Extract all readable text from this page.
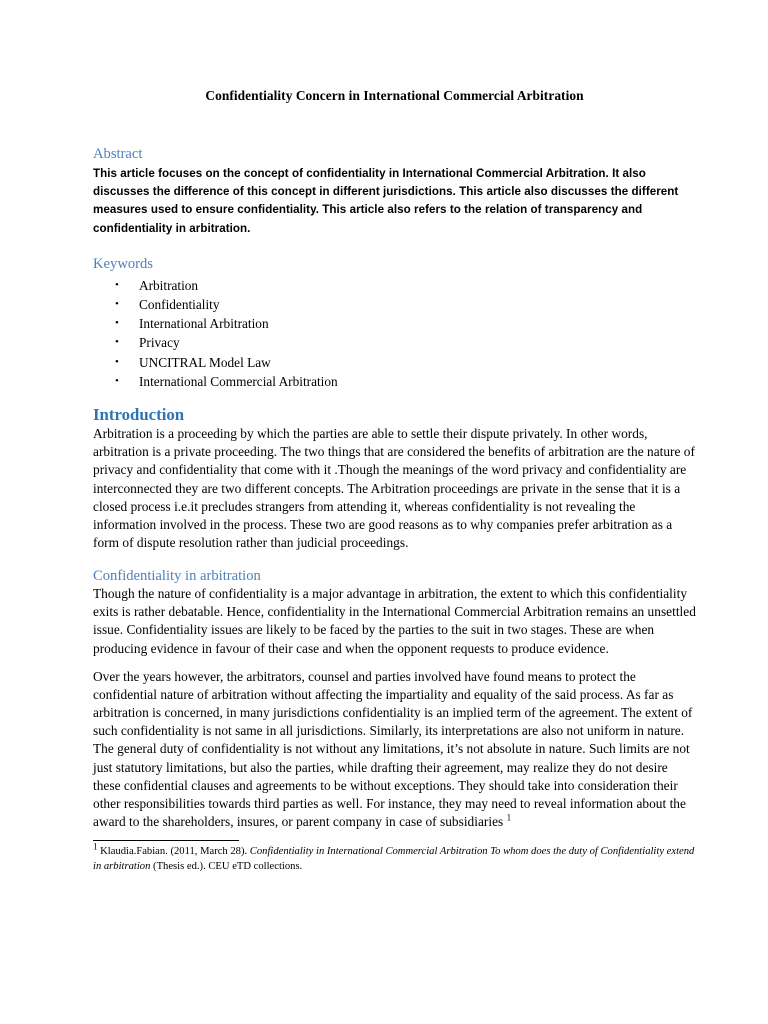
Confidentiality Concern in International Commercial Arbitration
Abstract

This article focuses on the concept of confidentiality in International Commercial Arbitration. It also discusses the difference of this concept in different jurisdictions. This article also discusses the different measures used to ensure confidentiality. This article also refers to the relation of transparency and confidentiality in arbitration.

Keywords
• Arbitration
• Confidentiality
• International Arbitration
• Privacy
• UNCITRAL Model Law
• International Commercial Arbitration
Introduction

Arbitration is a proceeding by which the parties are able to settle their dispute privately. In other words, arbitration is a private proceeding. The two things that are considered the benefits of arbitration are the nature of privacy and confidentiality that come with it .Though the meanings of the word privacy and confidentiality are interconnected they are two different concepts. The Arbitration proceedings are private in the sense that it is a closed process i.e.it precludes strangers from attending it, whereas confidentiality is not revealing the information involved in the process. These two are good reasons as to why companies prefer arbitration as a form of dispute resolution rather than judicial proceedings.

Confidentiality in arbitration

Though the nature of confidentiality is a major advantage in arbitration, the extent to which this confidentiality exits is rather debatable. Hence, confidentiality in the International Commercial Arbitration remains an unsettled issue. Confidentiality issues are likely to be faced by the parties to the suit in two stages. These are when producing evidence in favour of their case and when the opponent requests to produce evidence.

Over the years however, the arbitrators, counsel and parties involved have found means to protect the confidential nature of arbitration without affecting the impartiality and equality of the said process. As far as arbitration is concerned, in many jurisdictions confidentiality is an implied term of the agreement. The extent of such confidentiality is not same in all jurisdictions. Similarly, its interpretations are also not uniform in nature. The general duty of confidentiality is not without any limitations, it’s not absolute in nature. Such limits are not just statutory limitations, but also the parties, while drafting their agreement, may realize they do not desire these confidential clauses and agreements to be without exceptions. They should take into consideration their other responsibilities towards third parties as well. For instance, they may need to reveal information about the award to the shareholders, insures, or parent company in case of subsidiaries $^1$

$^1$ Klaudia.Fabian. (2011, March 28). Confidentiality in International Commercial Arbitration To whom does the duty of Confidentiality extend in arbitration (Thesis ed.). CEU eTD collections.
